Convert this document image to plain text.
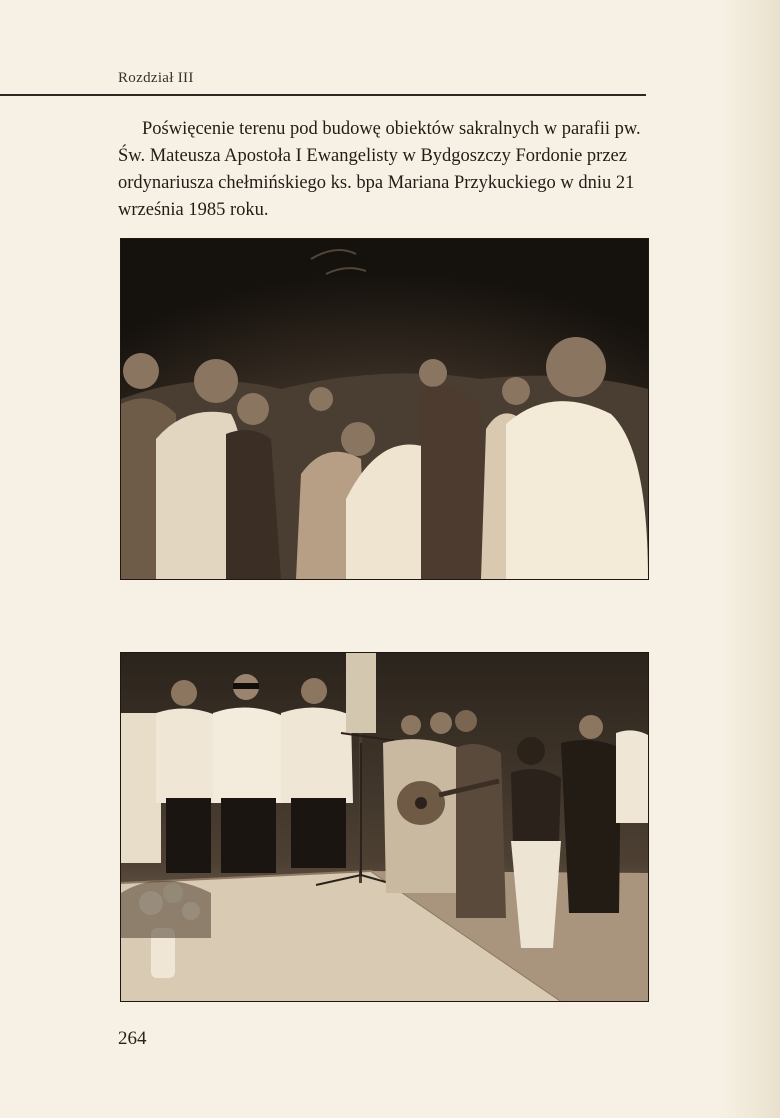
Rozdział III

Poświęcenie terenu pod budowę obiektów sakralnych w parafii pw. Św. Mateusza Apostoła I Ewangelisty w Bydgoszczy Fordonie przez ordynariusza chełmińskiego ks. bpa Mariana Przykuckiego w dniu 21 września 1985 roku.

264
